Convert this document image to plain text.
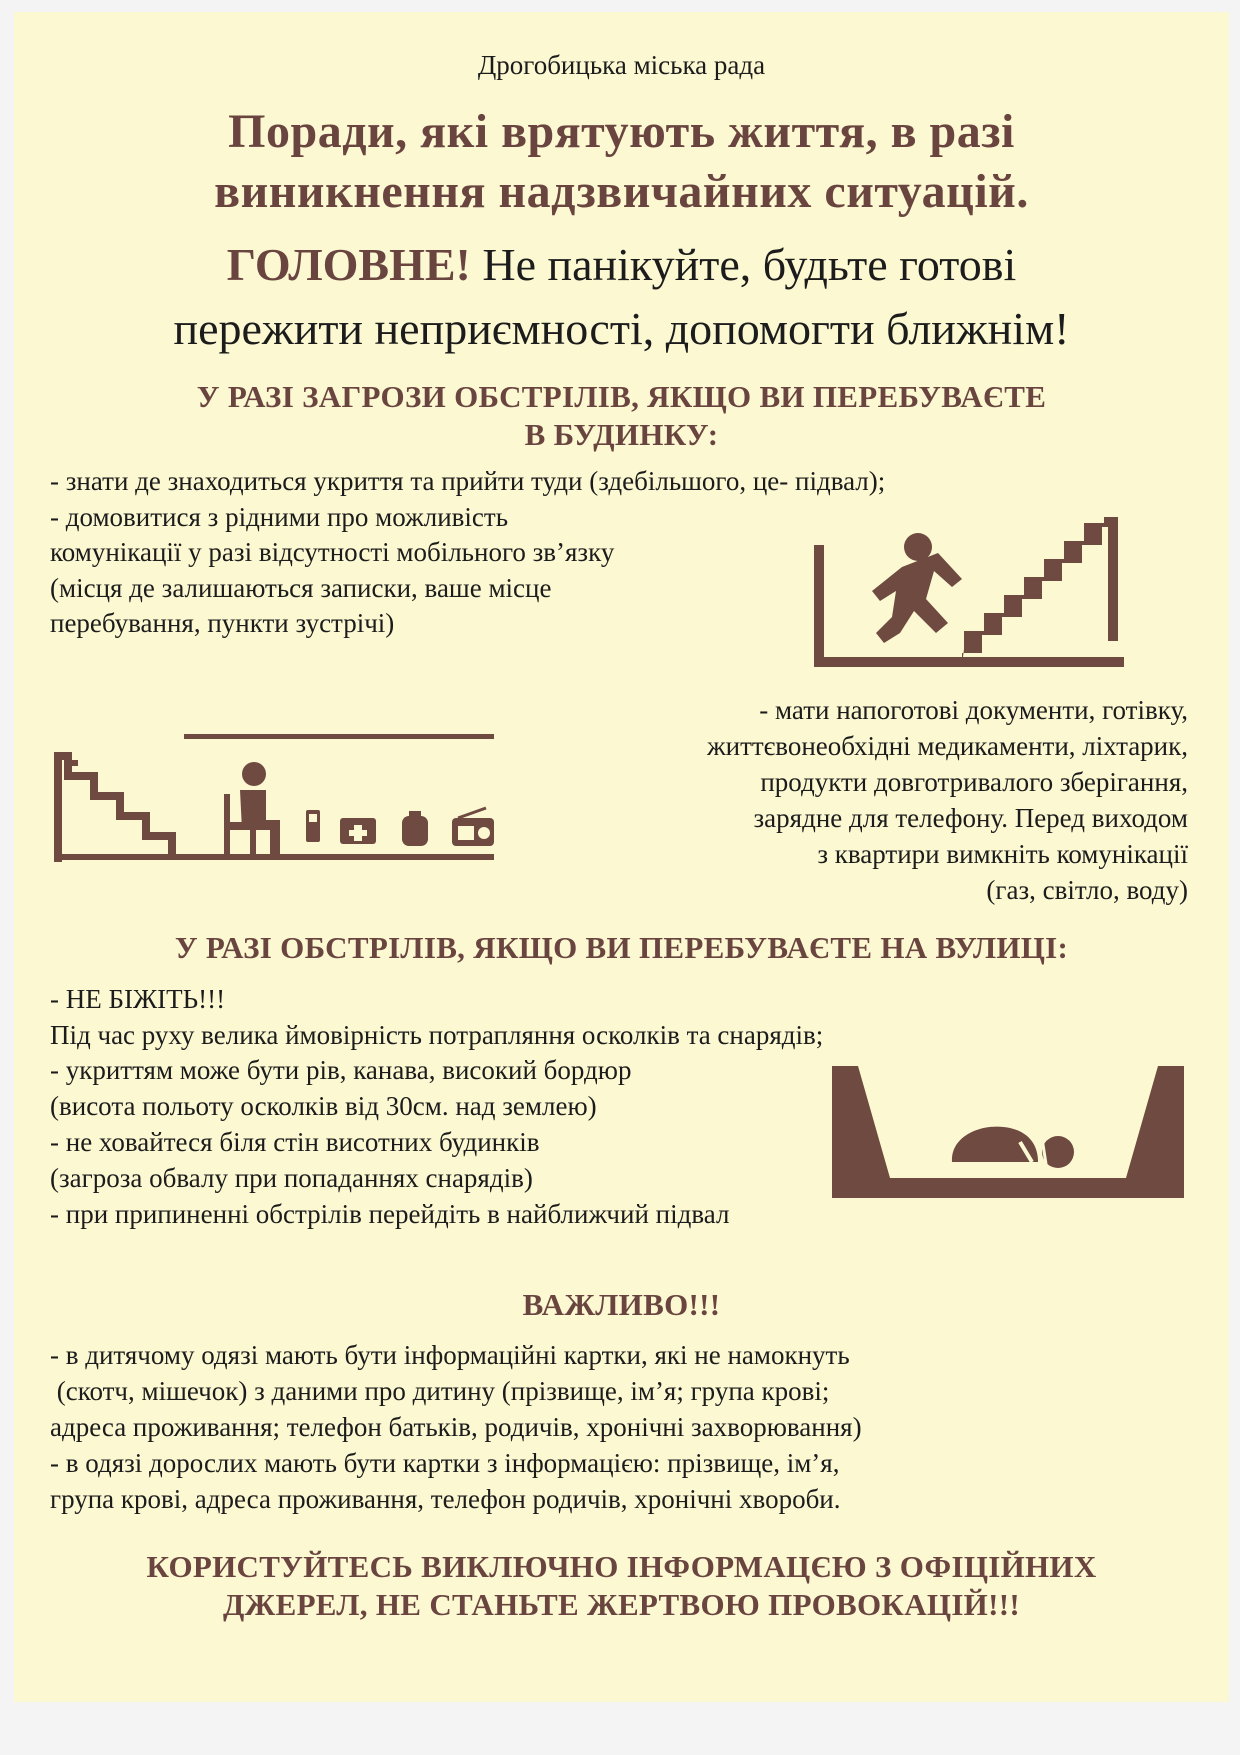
Дрогобицька міська рада

Поради, які врятують життя, в разі

виникнення надзвичайних ситуацій.

ГОЛОВНЕ! Не панікуйте, будьте готові

пережити неприємності, допомогти ближнім!

У РАЗІ ЗАГРОЗИ ОБСТРІЛІВ, ЯКЩО ВИ ПЕРЕБУВАЄТЕ

В БУДИНКУ:

- знати де знаходиться укриття та прийти туди (здебільшого, це- підвал);

- домовитися з рідними про можливість

комунікації у разі відсутності мобільного зв’язку

(місця де залишаються записки, ваше місце

перебування, пункти зустрічі)

- мати напоготові документи, готівку,

життєвонеобхідні медикаменти, ліхтарик,

продукти довготривалого зберігання,

зарядне для телефону. Перед виходом

з квартири вимкніть комунікації

(газ, світло, воду)

У РАЗІ ОБСТРІЛІВ, ЯКЩО ВИ ПЕРЕБУВАЄТЕ НА ВУЛИЦІ:

- НЕ БІЖІТЬ!!!

Під час руху велика ймовірність потрапляння осколків та снарядів;

- укриттям може бути рів, канава, високий бордюр

(висота польоту осколків від 30см. над землею)

- не ховайтеся біля стін висотних будинків

(загроза обвалу при попаданнях снарядів)

- при припиненні обстрілів перейдіть в найближчий підвал

ВАЖЛИВО!!!

- в дитячому одязі мають бути інформаційні картки, які не намокнуть

(скотч, мішечок) з даними про дитину (прізвище, ім’я; група крові;

адреса проживання; телефон батьків, родичів, хронічні захворювання)

- в одязі дорослих мають бути картки з інформацією: прізвище, ім’я,

група крові, адреса проживання, телефон родичів, хронічні хвороби.

КОРИСТУЙТЕСЬ ВИКЛЮЧНО ІНФОРМАЦЄЮ З ОФІЦІЙНИХ

ДЖЕРЕЛ, НЕ СТАНЬТЕ ЖЕРТВОЮ ПРОВОКАЦІЙ!!!
